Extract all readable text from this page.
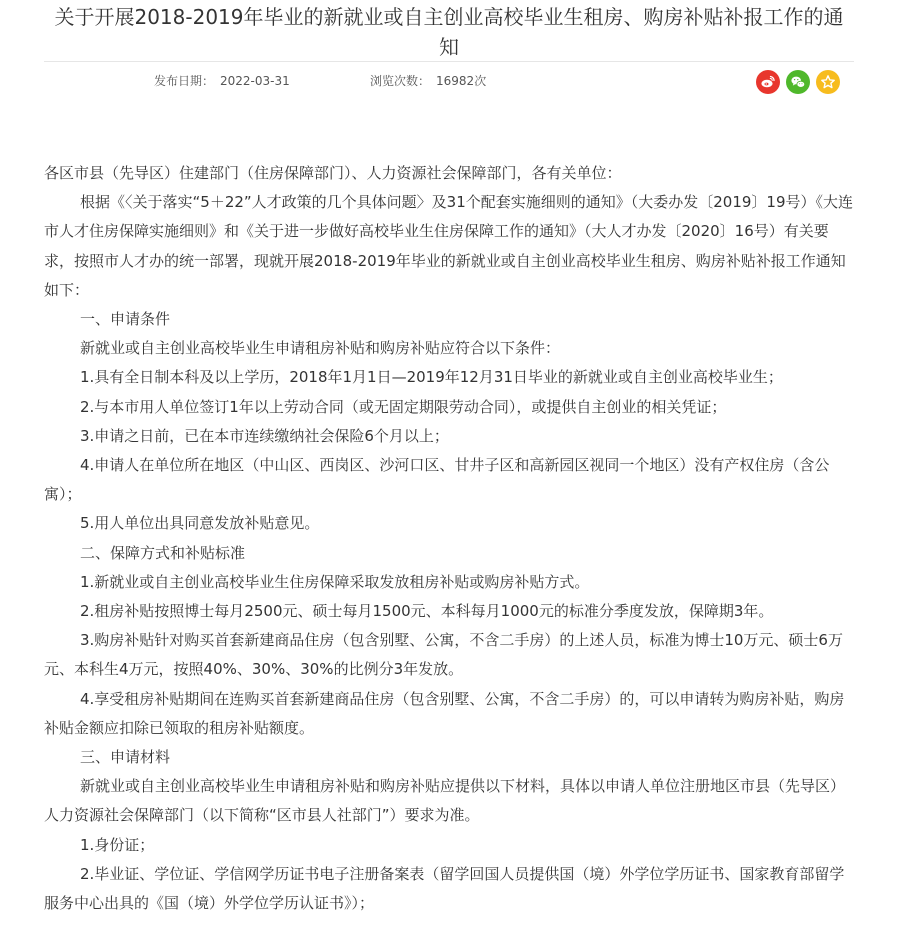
关于开展2018-2019年毕业的新就业或自主创业高校毕业生租房、购房补贴补报工作的通
知
发布日期： 2022-03-31	浏览次数： 16982次

各区市县（先导区）住建部门（住房保障部门）、人力资源社会保障部门，各有关单位：

根据《〈关于落实“5＋22”人才政策的几个具体问题〉及31个配套实施细则的通知》（大委办发〔2019〕19号）《大连市人才住房保障实施细则》和《关于进一步做好高校毕业生住房保障工作的通知》（大人才办发〔2020〕16号）有关要求，按照市人才办的统一部署，现就开展2018-2019年毕业的新就业或自主创业高校毕业生租房、购房补贴补报工作通知如下：

一、申请条件

新就业或自主创业高校毕业生申请租房补贴和购房补贴应符合以下条件：

1.具有全日制本科及以上学历，2018年1月1日—2019年12月31日毕业的新就业或自主创业高校毕业生；

2.与本市用人单位签订1年以上劳动合同（或无固定期限劳动合同），或提供自主创业的相关凭证；

3.申请之日前，已在本市连续缴纳社会保险6个月以上；

4.申请人在单位所在地区（中山区、西岗区、沙河口区、甘井子区和高新园区视同一个地区）没有产权住房（含公寓）；

5.用人单位出具同意发放补贴意见。

二、保障方式和补贴标准

1.新就业或自主创业高校毕业生住房保障采取发放租房补贴或购房补贴方式。

2.租房补贴按照博士每月2500元、硕士每月1500元、本科每月1000元的标准分季度发放，保障期3年。

3.购房补贴针对购买首套新建商品住房（包含别墅、公寓，不含二手房）的上述人员，标准为博士10万元、硕士6万元、本科生4万元，按照40%、30%、30%的比例分3年发放。

4.享受租房补贴期间在连购买首套新建商品住房（包含别墅、公寓，不含二手房）的，可以申请转为购房补贴，购房补贴金额应扣除已领取的租房补贴额度。

三、申请材料

新就业或自主创业高校毕业生申请租房补贴和购房补贴应提供以下材料，具体以申请人单位注册地区市县（先导区）人力资源社会保障部门（以下简称“区市县人社部门”）要求为准。

1.身份证；

2.毕业证、学位证、学信网学历证书电子注册备案表（留学回国人员提供国（境）外学位学历证书、国家教育部留学服务中心出具的《国（境）外学位学历认证书》）；
